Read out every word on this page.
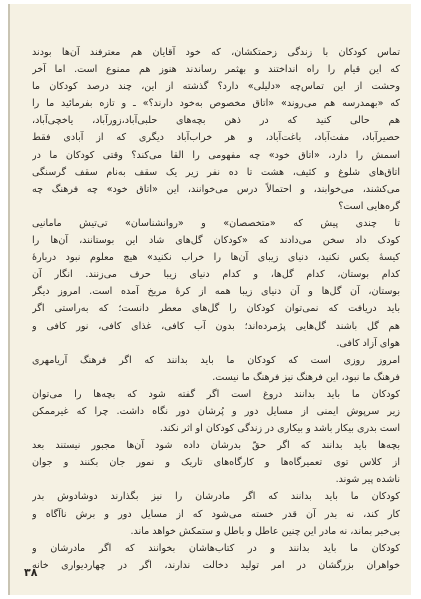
تماس کودکان با زندگی زحمتکشان، که خود آقایان هم معترفند آن‌ها بودند
که این قیام را راه انداختند و بهثمر رساندند هنوز هم ممنوع است. اما آخر
وحشت از این تماس‌چه «دلیلی» دارد؟ گذشته از این، چند درصد کودکان ما
که «بهمدرسه هم می‌روند» «اتاق مخصوص به‌خود دارند؟» ـ و تازه بفرمائید ما را
هم حالی کنید که در ذهن بچه‌های حلبی‌آباد،زورآباد، یاخچی‌آباد،
حصیرآباد، مفت‌آباد، باغت‌آباد، و هر خراب‌آباد دیگری که از آبادی فقط
اسمش را دارد، «اتاق خود» چه مفهومی را القا می‌کند؟ وقتی کودکان ما در
اتاق‌های شلوغ و کثیف، هشت تا ده نفر زیر یک سقف به‌نام سقف گرسنگی
می‌کشند، می‌خوابند، و احتمالاً درس می‌خوانند، این «اتاق خود» چه فرهنگ چه
گره‌هایی است؟
تا چندی پیش که «متخصصان» و «روانشناسان» تی‌تیش مامانیی
کودک داد سخن می‌دادند که «کودکان گل‌های شاد این بوستانند، آن‌ها را
کیسهٔ بکس نکنید، دنیای زیبای آن‌ها را خراب نکنید» هیچ معلوم نبود دربارهٔ
کدام بوستان، کدام گل‌ها، و کدام دنیای زیبا حرف می‌زنند. انگار آن
بوستان، آن گل‌ها و آن دنیای زیبا همه از کرهٔ مریخ آمده است. امروز دیگر
باید دریافت که نمی‌توان کودکان را گل‌های معطر دانست؛ که به‌راستی اگر
هم گل باشند گل‌هایی پژمرده‌اند؛ بدون آب کافی، غذای کافی، نور کافی و
هوای آزاد کافی.
امروز روزی است که کودکان ما باید بدانند که اگر فرهنگ آریامهری
فرهنگ ما نبود، این فرهنگ نیز فرهنگ ما نیست.
کودکان ما باید بدانند دروغ است اگر گفته شود که بچه‌ها را می‌توان
زیر سرپوش ایمنی از مسایل دور و پُرشان دور نگاه داشت. چرا که غیرممکن
است بدری بیکار باشد و بیکاری در زندگی کودکان او اثر نکند.
بچه‌ها باید بدانند که اگر حقّ بدرشان داده شود آن‌ها مجبور نیستند بعد
از کلاس توی تعمیرگاه‌ها و کارگاه‌های تاریک و نمور جان بکنند و جوان
ناشده پیر شوند.
کودکان ما باید بدانند که اگر مادرشان را نیز بگذارند دوشادوش بدر
کار کند، نه بدر آن قدر خسته می‌شود که از مسایل دور و برش ناآگاه و
بی‌خبر بماند، نه مادر این چنین عاطل و باطل و ستمکش خواهد ماند.
کودکان ما باید بدانند و در کتاب‌هاشان بخوانند که اگر مادرشان و
خواهران بزرگشان در امر تولید دخالت ندارند، اگر در چهاردیواری خانه
۳۸
